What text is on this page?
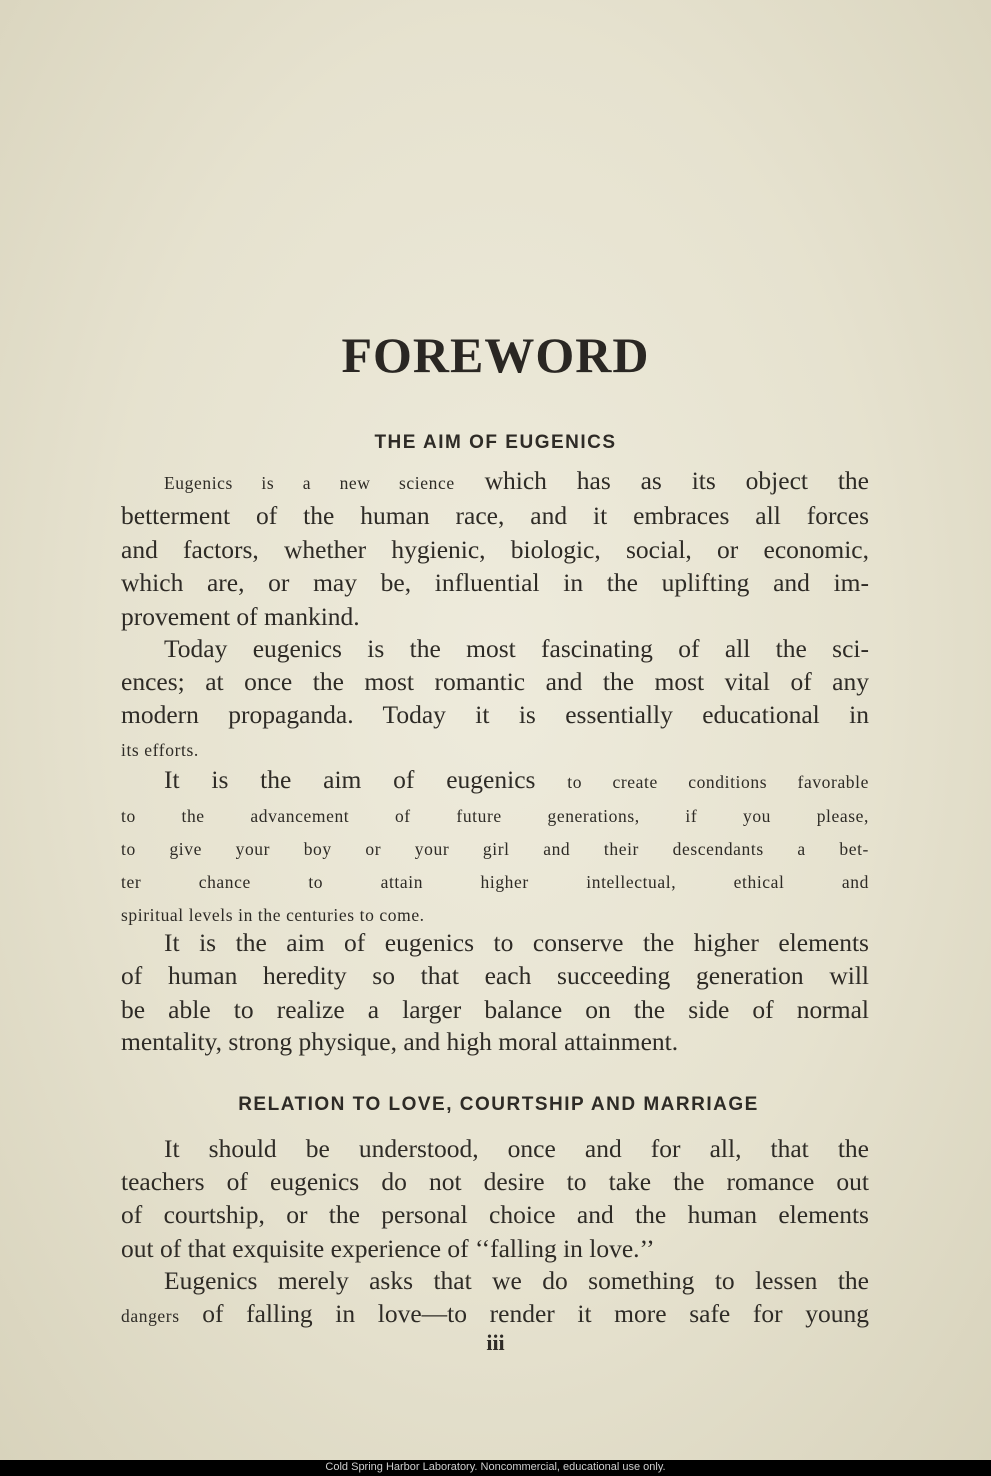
FOREWORD
THE AIM OF EUGENICS

Eugenics is a new science which has as its object the

betterment of the human race, and it embraces all forces

and factors, whether hygienic, biologic, social, or economic,

which are, or may be, influential in the uplifting and im-

provement of mankind.

Today eugenics is the most fascinating of all the sci-

ences; at once the most romantic and the most vital of any

modern propaganda. Today it is essentially educational in

its efforts.

It is the aim of eugenics to create conditions favorable

to the advancement of future generations, if you please,

to give your boy or your girl and their descendants a bet-

ter chance to attain higher intellectual, ethical and

spiritual levels in the centuries to come.

It is the aim of eugenics to conserve the higher elements

of human heredity so that each succeeding generation will

be able to realize a larger balance on the side of normal

mentality, strong physique, and high moral attainment.

RELATION TO LOVE, COURTSHIP AND MARRIAGE

It should be understood, once and for all, that the

teachers of eugenics do not desire to take the romance out

of courtship, or the personal choice and the human elements

out of that exquisite experience of ‘‘falling in love.’’

Eugenics merely asks that we do something to lessen the

dangers of falling in love—to render it more safe for young

iii

Cold Spring Harbor Laboratory. Noncommercial, educational use only.
